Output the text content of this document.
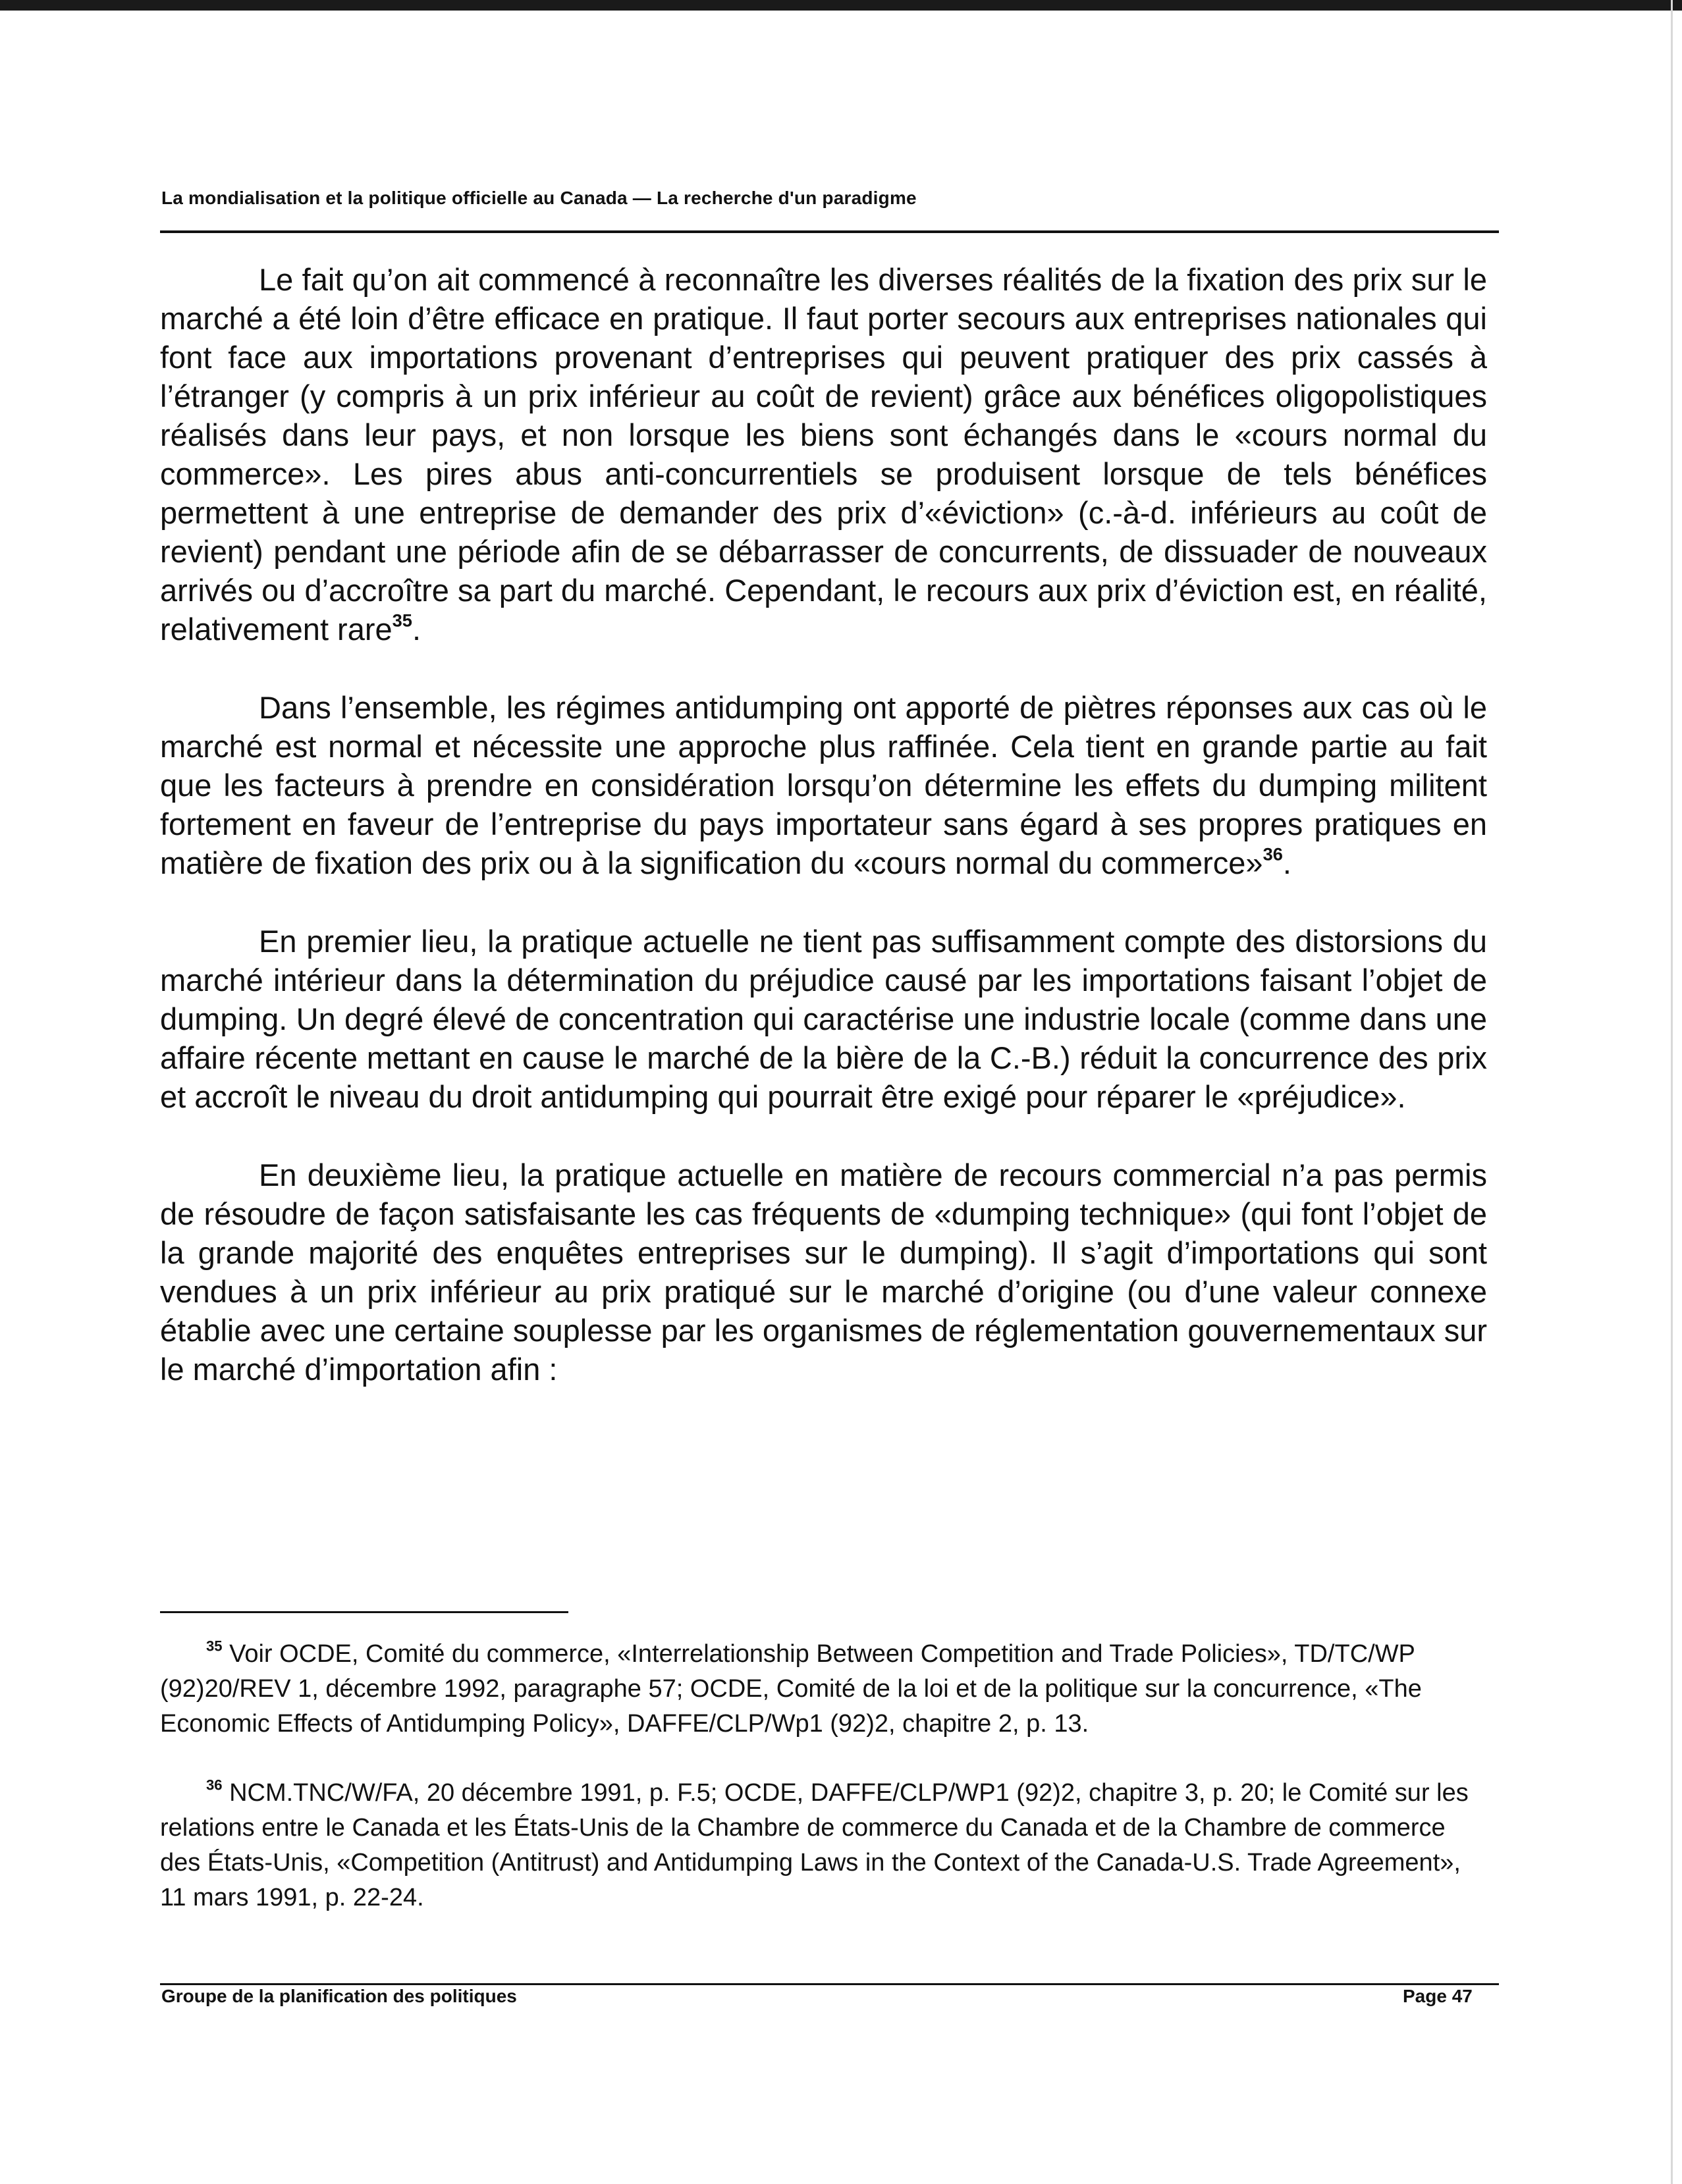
La mondialisation et la politique officielle au Canada — La recherche d'un paradigme

Le fait qu’on ait commencé à reconnaître les diverses réalités de la fixation des prix sur le marché a été loin d’être efficace en pratique. Il faut porter secours aux entreprises nationales qui font face aux importations provenant d’entreprises qui peuvent pratiquer des prix cassés à l’étranger (y compris à un prix inférieur au coût de revient) grâce aux bénéfices oligopolistiques réalisés dans leur pays, et non lorsque les biens sont échangés dans le «cours normal du commerce». Les pires abus anti-concurrentiels se produisent lorsque de tels bénéfices permettent à une entreprise de demander des prix d’«éviction» (c.-à-d. inférieurs au coût de revient) pendant une période afin de se débarrasser de concurrents, de dissuader de nouveaux arrivés ou d’accroître sa part du marché. Cependant, le recours aux prix d’éviction est, en réalité, relativement rare$^{35}$.

Dans l’ensemble, les régimes antidumping ont apporté de piètres réponses aux cas où le marché est normal et nécessite une approche plus raffinée. Cela tient en grande partie au fait que les facteurs à prendre en considération lorsqu’on détermine les effets du dumping militent fortement en faveur de l’entreprise du pays importateur sans égard à ses propres pratiques en matière de fixation des prix ou à la signification du «cours normal du commerce»$^{36}$.

En premier lieu, la pratique actuelle ne tient pas suffisamment compte des distorsions du marché intérieur dans la détermination du préjudice causé par les importations faisant l’objet de dumping. Un degré élevé de concentration qui caractérise une industrie locale (comme dans une affaire récente mettant en cause le marché de la bière de la C.-B.) réduit la concurrence des prix et accroît le niveau du droit antidumping qui pourrait être exigé pour réparer le «préjudice».

En deuxième lieu, la pratique actuelle en matière de recours commercial n’a pas permis de résoudre de façon satisfaisante les cas fréquents de «dumping technique» (qui font l’objet de la grande majorité des enquêtes entreprises sur le dumping). Il s’agit d’importations qui sont vendues à un prix inférieur au prix pratiqué sur le marché d’origine (ou d’une valeur connexe établie avec une certaine souplesse par les organismes de réglementation gouvernementaux sur le marché d’importation afin :

$^{35}$ Voir OCDE, Comité du commerce, «Interrelationship Between Competition and Trade Policies», TD/TC/WP (92)20/REV 1, décembre 1992, paragraphe 57; OCDE, Comité de la loi et de la politique sur la concurrence, «The Economic Effects of Antidumping Policy», DAFFE/CLP/Wp1 (92)2, chapitre 2, p. 13.

$^{36}$ NCM.TNC/W/FA, 20 décembre 1991, p. F.5; OCDE, DAFFE/CLP/WP1 (92)2, chapitre 3, p. 20; le Comité sur les relations entre le Canada et les États-Unis de la Chambre de commerce du Canada et de la Chambre de commerce des États-Unis, «Competition (Antitrust) and Antidumping Laws in the Context of the Canada-U.S. Trade Agreement», 11 mars 1991, p. 22-24.

Groupe de la planification des politiques	Page 47
